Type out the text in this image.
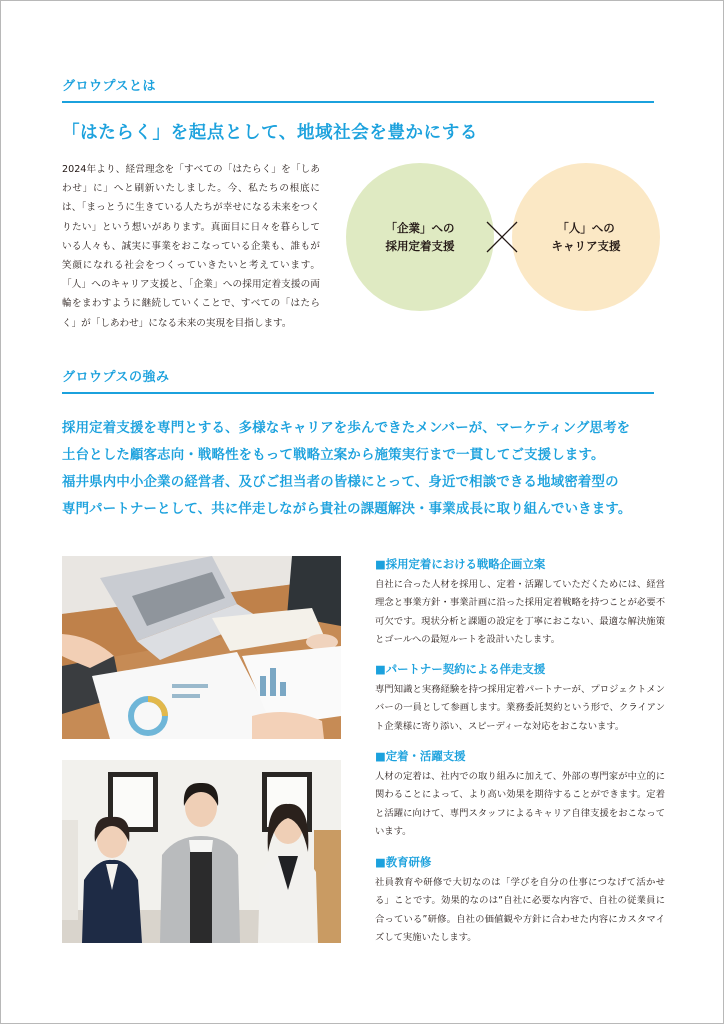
グロウプスとは
「はたらく」を起点として、地域社会を豊かにする
2024年より、経営理念を「すべての「はたらく」を「しあわせ」に」へと刷新いたしました。今、私たちの根底には、「まっとうに生きている人たちが幸せになる未来をつくりたい」という想いがあります。真面目に日々を暮らしている人々も、誠実に事業をおこなっている企業も、誰もが笑顔になれる社会をつくっていきたいと考えています。「人」へのキャリア支援と、「企業」への採用定着支援の両輪をまわすように継続していくことで、すべての「はたらく」が「しあわせ」になる未来の実現を目指します。
「企業」への
採用定着支援
「人」への
キャリア支援
グロウプスの強み
採用定着支援を専門とする、多様なキャリアを歩んできたメンバーが、マーケティング思考を
土台とした顧客志向・戦略性をもって戦略立案から施策実行まで一貫してご支援します。
福井県内中小企業の経営者、及びご担当者の皆様にとって、身近で相談できる地域密着型の
専門パートナーとして、共に伴走しながら貴社の課題解決・事業成長に取り組んでいきます。
■採用定着における戦略企画立案

自社に合った人材を採用し、定着・活躍していただくためには、経営理念と事業方針・事業計画に沿った採用定着戦略を持つことが必要不可欠です。現状分析と課題の設定を丁寧におこない、最適な解決施策とゴールへの最短ルートを設計いたします。

■パートナー契約による伴走支援

専門知識と実務経験を持つ採用定着パートナーが、プロジェクトメンバーの一員として参画します。業務委託契約という形で、クライアント企業様に寄り添い、スピーディーな対応をおこないます。

■定着・活躍支援

人材の定着は、社内での取り組みに加えて、外部の専門家が中立的に関わることによって、より高い効果を期待することができます。定着と活躍に向けて、専門スタッフによるキャリア自律支援をおこなっています。

■教育研修

社員教育や研修で大切なのは「学びを自分の仕事につなげて活かせる」ことです。効果的なのは“自社に必要な内容で、自社の従業員に合っている”研修。自社の価値観や方針に合わせた内容にカスタマイズして実施いたします。
